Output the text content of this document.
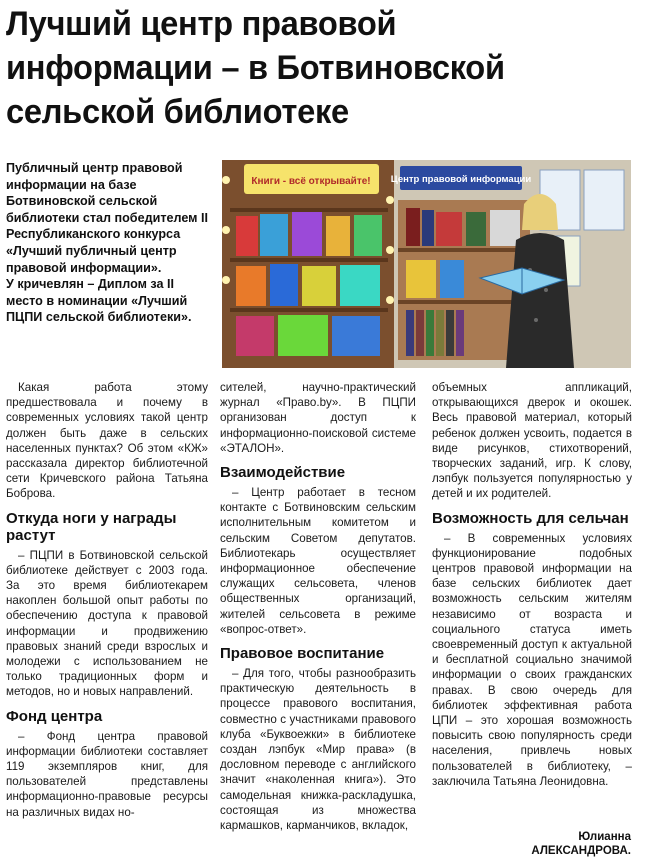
Лучший центр правовой информации – в Ботвиновской сельской библиотеке

Публичный центр правовой информации на базе Ботвиновской сельской библиотеки стал победителем II Республиканского конкурса «Лучший публичный центр правовой информации».

У кричевлян – Диплом за II место в номинации «Лучший ПЦПИ сельской библиотеки».

Книги - всё открывайте! Центр правовой информации

Какая работа этому предшествовала и почему в современных условиях такой центр должен быть даже в сельских населенных пунктах? Об этом «КЖ» рассказала директор библиотечной сети Кричевского района Татьяна Боброва.

Откуда ноги у награды растут

– ПЦПИ в Ботвиновской сельской библиотеке действует с 2003 года. За это время библиотекарем накоплен большой опыт работы по обеспечению доступа к правовой информации и продвижению правовых знаний среди взрослых и молодежи с использованием не только традиционных форм и методов, но и новых направлений.

Фонд центра

– Фонд центра правовой информации библиотеки составляет 119 экземпляров книг, для пользователей представлены информационно-правовые ресурсы на различных видах но-

сителей, научно-практический журнал «Право.by». В ПЦПИ организован доступ к информационно-поисковой системе «ЭТАЛОН».

Взаимодействие

– Центр работает в тесном контакте с Ботвиновским сельским исполнительным комитетом и сельским Советом депутатов. Библиотекарь осуществляет информационное обеспечение служащих сельсовета, членов общественных организаций, жителей сельсовета в режиме «вопрос-ответ».

Правовое воспитание

– Для того, чтобы разнообразить практическую деятельность в процессе правового воспитания, совместно с участниками правового клуба «Буквоежки» в библиотеке создан лэпбук «Мир права» (в дословном переводе с английского значит «наколенная книга»). Это самодельная книжка-раскладушка, состоящая из множества кармашков, карманчиков, вкладок,

объемных аппликаций, открывающихся дверок и окошек. Весь правовой материал, который ребенок должен усвоить, подается в виде рисунков, стихотворений, творческих заданий, игр. К слову, лэпбук пользуется популярностью у детей и их родителей.

Возможность для сельчан

– В современных условиях функционирование подобных центров правовой информации на базе сельских библиотек дает возможность сельским жителям независимо от возраста и социального статуса иметь своевременный доступ к актуальной и бесплатной социально значимой информации о своих гражданских правах. В свою очередь для библиотек эффективная работа ЦПИ – это хорошая возможность повысить свою популярность среди населения, привлечь новых пользователей в библиотеку, – заключила Татьяна Леонидовна.

Юлианна
АЛЕКСАНДРОВА.
